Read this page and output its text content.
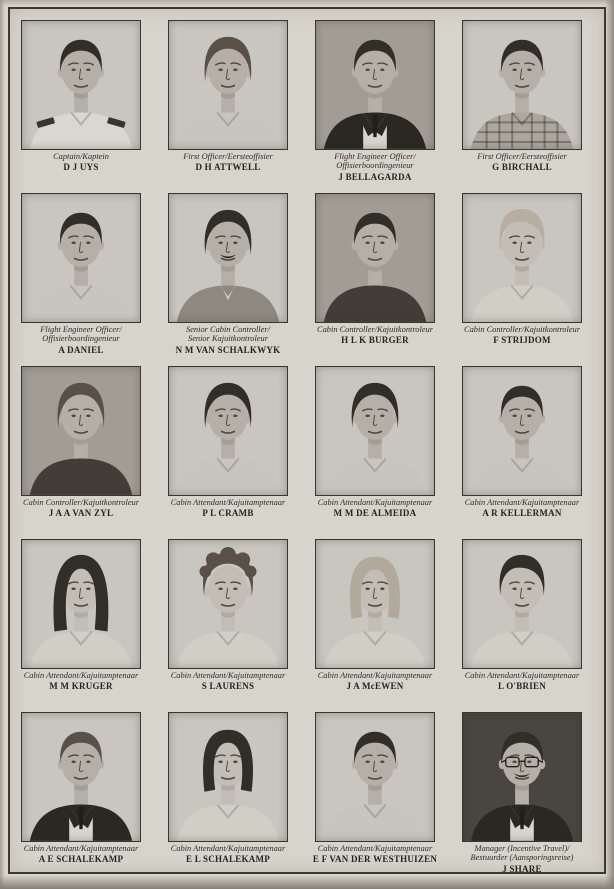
Captain/Kaptein
D J UYS
First Officer/Eersteoffisier
D H ATTWELL
Flight Engineer Officer/
Offisierboordingenieur
J BELLAGARDA
First Officer/Eersteoffisier
G BIRCHALL
Flight Engineer Officer/
Offisierboordingenieur
A DANIEL
Senior Cabin Controller/
Senior Kajuitkontroleur
N M VAN SCHALKWYK
Cabin Controller/Kajuitkontroleur
H L K BURGER
Cabin Controller/Kajuitkontroleur
F STRIJDOM
Cabin Controller/Kajuitkontroleur
J A A VAN ZYL
Cabin Attendant/Kajuitamptenaar
P L CRAMB
Cabin Attendant/Kajuitamptenaar
M M DE ALMEIDA
Cabin Attendant/Kajuitamptenaar
A R KELLERMAN
Cabin Attendant/Kajuitamptenaar
M M KRUGER
Cabin Attendant/Kajuitamptenaar
S LAURENS
Cabin Attendant/Kajuitamptenaar
J A McEWEN
Cabin Attendant/Kajuitamptenaar
L O'BRIEN
Cabin Attendant/Kajuitamptenaar
A E SCHALEKAMP
Cabin Attendant/Kajuitamptenaar
E L SCHALEKAMP
Cabin Attendant/Kajuitamptenaar
E F VAN DER WESTHUIZEN
Manager (Incentive Travel)/
Bestuurder (Aansporingsreise)
J SHARE
